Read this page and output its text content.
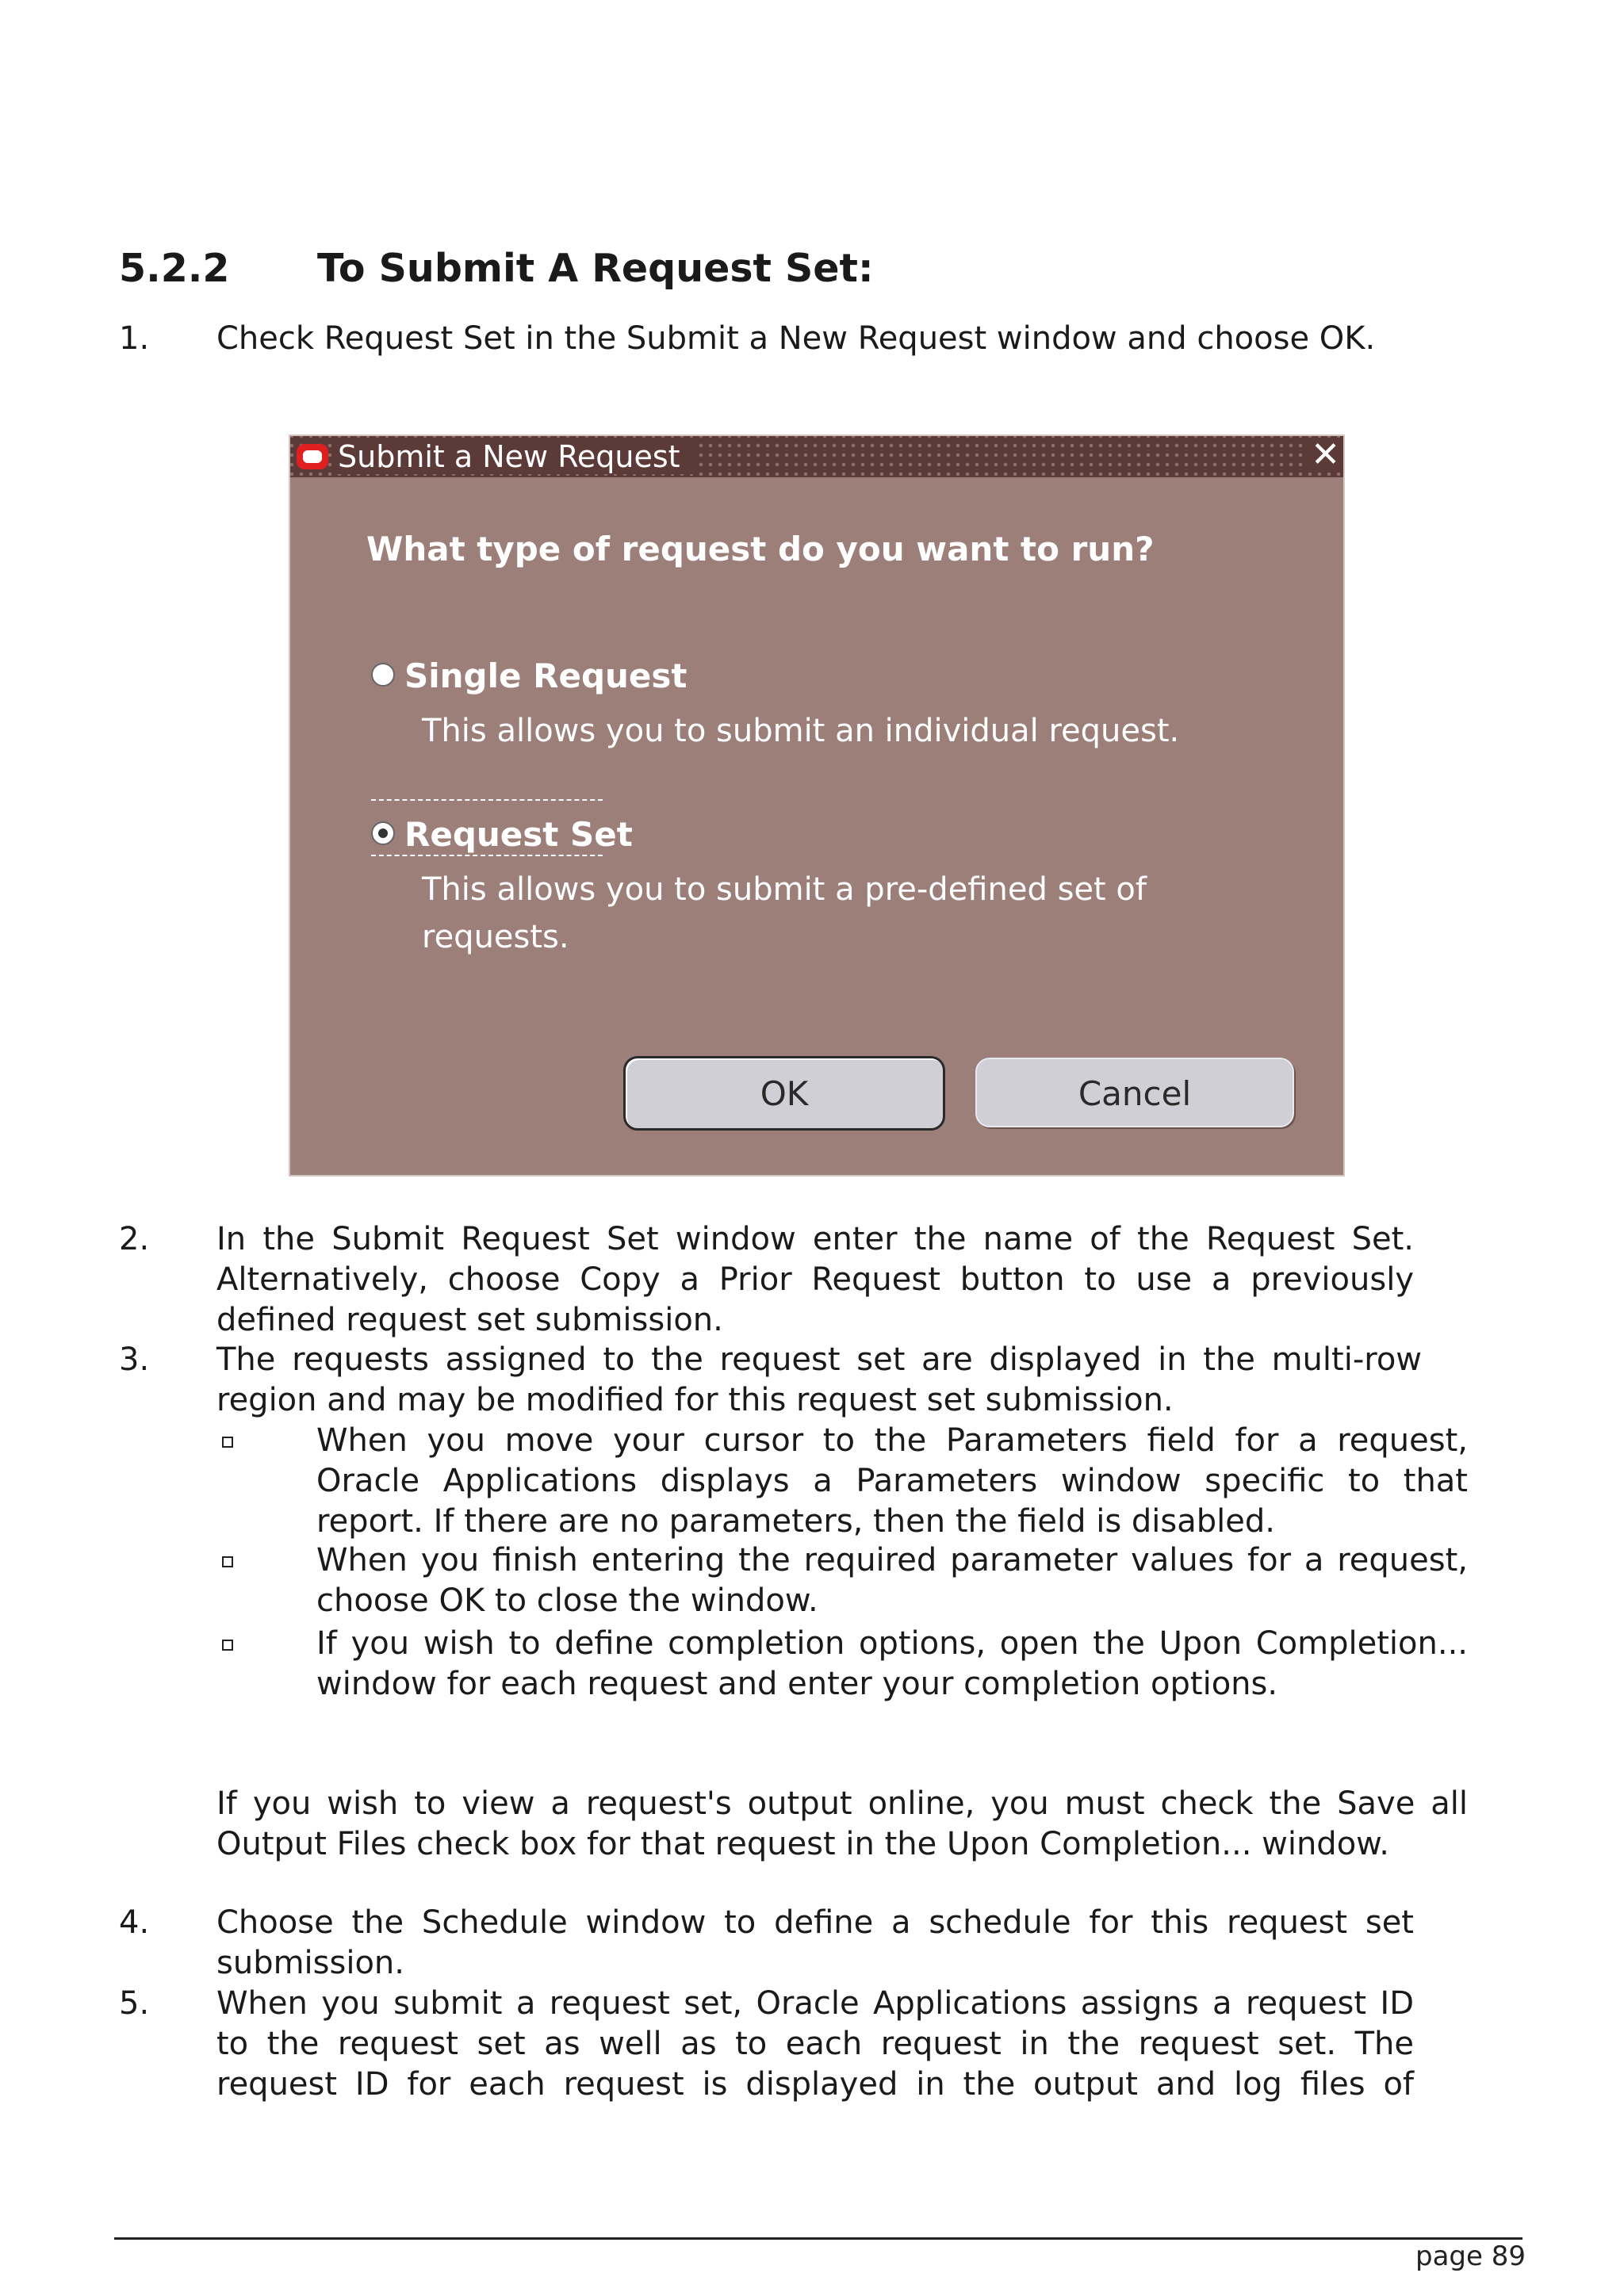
5.2.2 To Submit A Request Set:
1. Check Request Set in the Submit a New Request window and choose OK.

Submit a New Request	✕
What type of request do you want to run?
Single Request
This allows you to submit an individual request.
Request Set
This allows you to submit a pre-defined set of
requests.
OK	Cancel
2. In the Submit Request Set window enter the name of the Request Set. Alternatively, choose Copy a Prior Request button to use a previously defined request set submission.

3. The requests assigned to the request set are displayed in the multi-row region and may be modified for this request set submission.

When you move your cursor to the Parameters field for a request, Oracle Applications displays a Parameters window specific to that report. If there are no parameters, then the field is disabled.

When you finish entering the required parameter values for a request, choose OK to close the window.

If you wish to define completion options, open the Upon Completion... window for each request and enter your completion options.

If you wish to view a request's output online, you must check the Save all Output Files check box for that request in the Upon Completion... window.

4. Choose the Schedule window to define a schedule for this request set submission.

5. When you submit a request set, Oracle Applications assigns a request ID to the request set as well as to each request in the request set. The request ID for each request is displayed in the output and log files of

page 89
